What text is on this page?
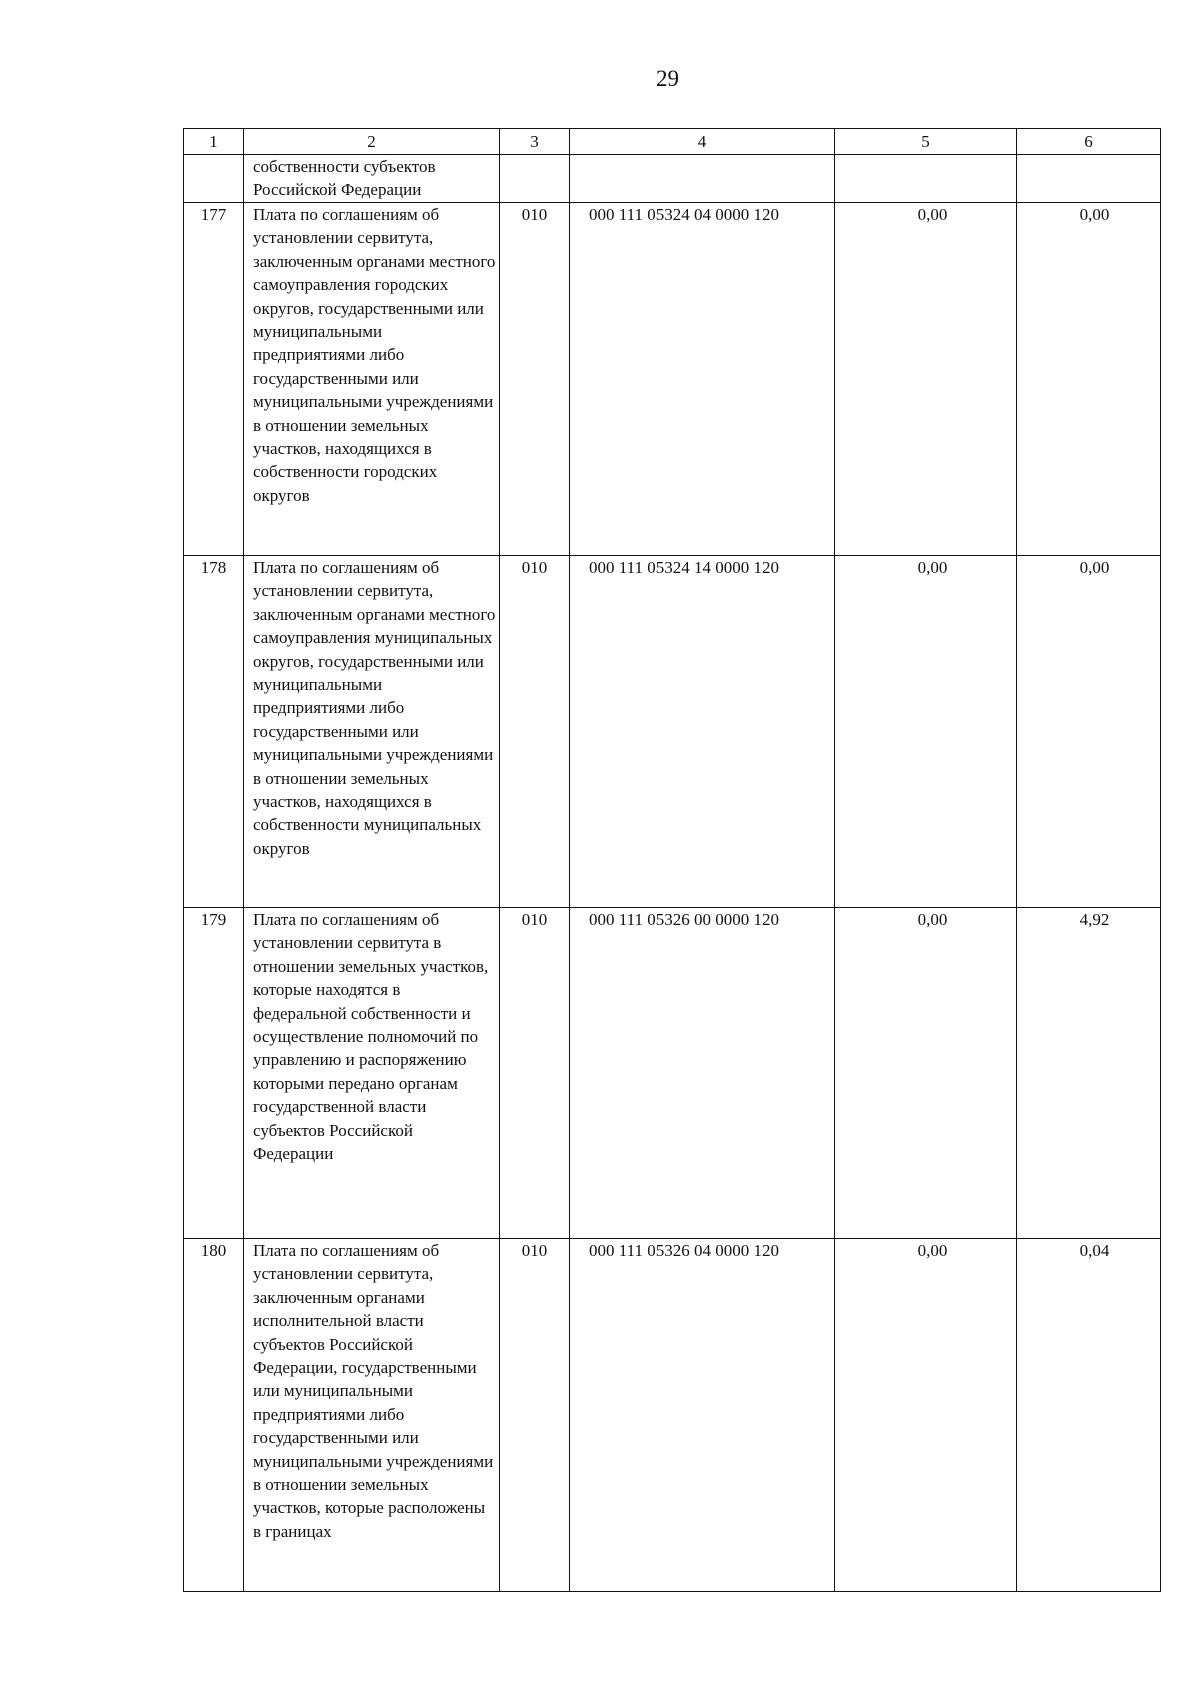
29
1	2	3	4	5	6
	собственности субъектов Российской Федерации				
177	Плата по соглашениям об установлении сервитута, заключенным органами местного самоуправления городских округов, государственными или муниципальными предприятиями либо государственными или муниципальными учреждениями в отношении земельных участков, находящихся в собственности городских округов	010	000 111 05324 04 0000 120	0,00	0,00
178	Плата по соглашениям об установлении сервитута, заключенным органами местного самоуправления муниципальных округов, государственными или муниципальными предприятиями либо государственными или муниципальными учреждениями в отношении земельных участков, находящихся в собственности муниципальных округов	010	000 111 05324 14 0000 120	0,00	0,00
179	Плата по соглашениям об установлении сервитута в отношении земельных участков, которые находятся в федеральной собственности и осуществление полномочий по управлению и распоряжению которыми передано органам государственной власти субъектов Российской Федерации	010	000 111 05326 00 0000 120	0,00	4,92
180	Плата по соглашениям об установлении сервитута, заключенным органами исполнительной власти субъектов Российской Федерации, государственными или муниципальными предприятиями либо государственными или муниципальными учреждениями в отношении земельных участков, которые расположены в границах	010	000 111 05326 04 0000 120	0,00	0,04
